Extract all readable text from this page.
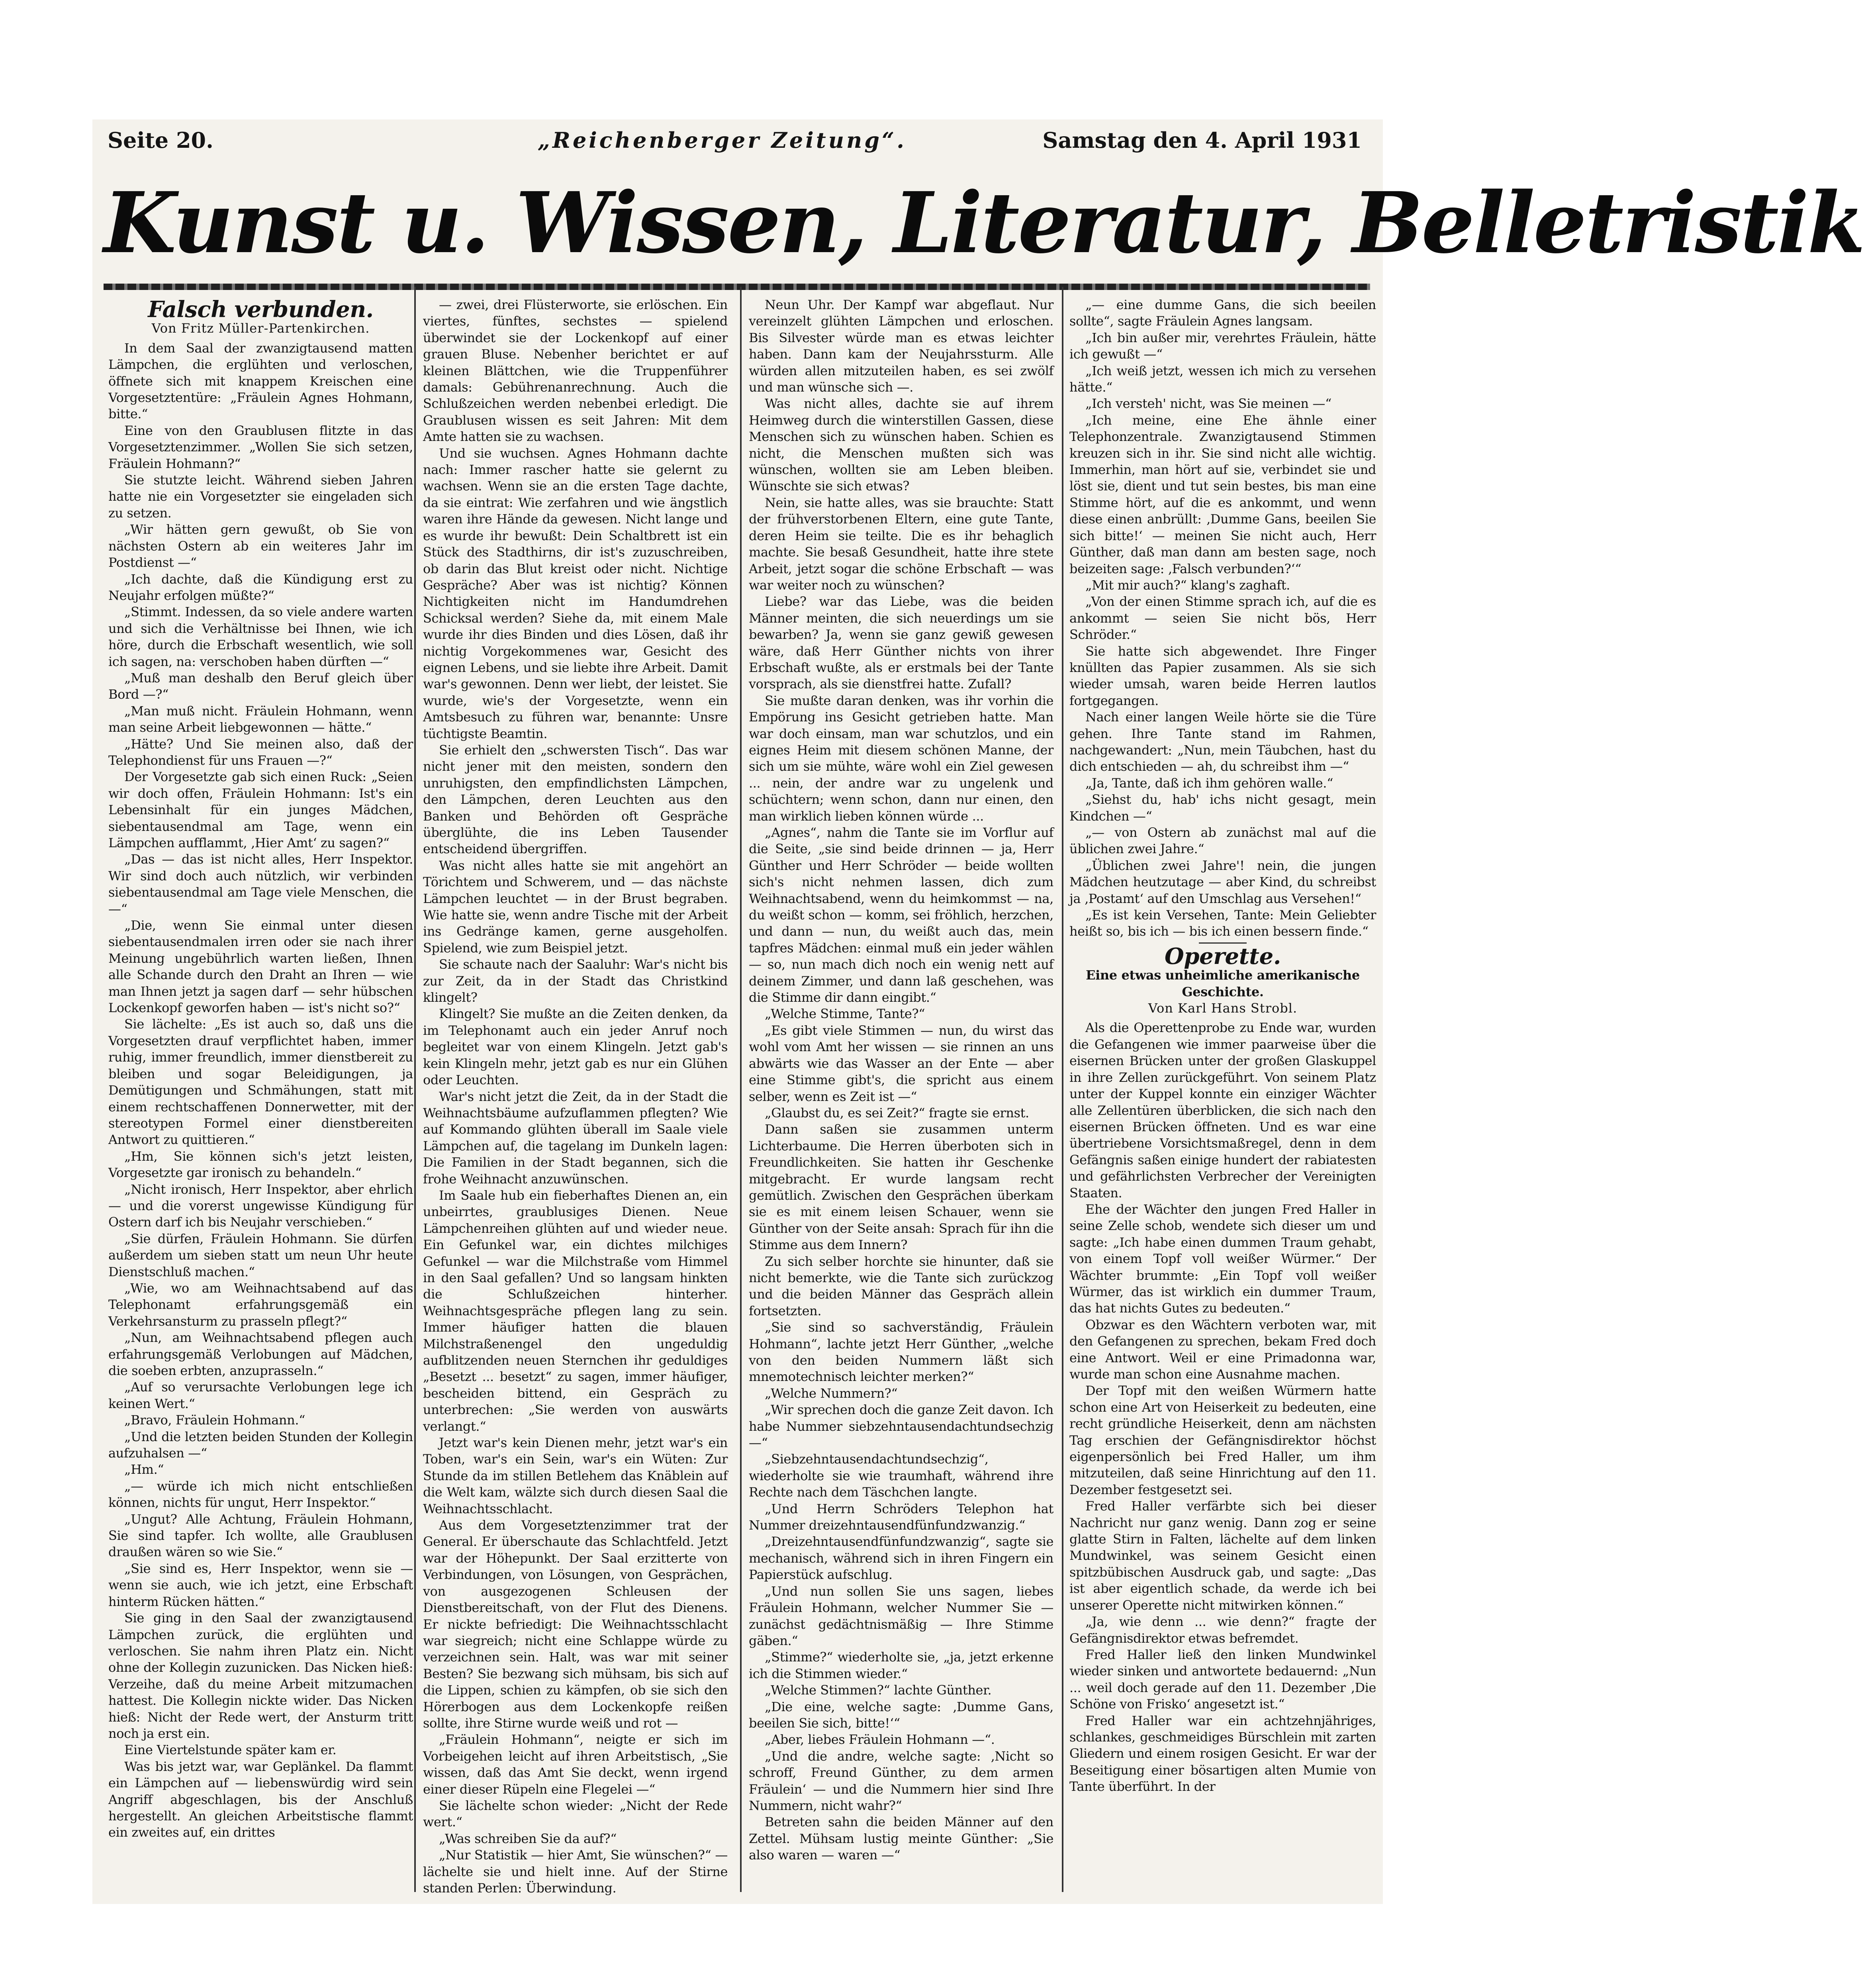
Seite 20.	„Reichenberger Zeitung“.	Samstag den 4. April 1931
Kunst u. Wissen, Literatur, Belletristik
Falsch verbunden.
Von Fritz Müller-Partenkirchen.

In dem Saal der zwanzigtausend matten Lämpchen, die erglühten und verloschen, öffnete sich mit knappem Kreischen eine Vorgesetztentüre: „Fräulein Agnes Hohmann, bitte.“

Eine von den Graublusen flitzte in das Vorgesetztenzimmer. „Wollen Sie sich setzen, Fräulein Hohmann?“

Sie stutzte leicht. Während sieben Jahren hatte nie ein Vorgesetzter sie eingeladen sich zu setzen.

„Wir hätten gern gewußt, ob Sie von nächsten Ostern ab ein weiteres Jahr im Postdienst —“

„Ich dachte, daß die Kündigung erst zu Neujahr erfolgen müßte?“

„Stimmt. Indessen, da so viele andere warten und sich die Verhältnisse bei Ihnen, wie ich höre, durch die Erbschaft wesentlich, wie soll ich sagen, na: verschoben haben dürften —“

„Muß man deshalb den Beruf gleich über Bord —?“

„Man muß nicht. Fräulein Hohmann, wenn man seine Arbeit liebgewonnen — hätte.“

„Hätte? Und Sie meinen also, daß der Telephondienst für uns Frauen —?“

Der Vorgesetzte gab sich einen Ruck: „Seien wir doch offen, Fräulein Hohmann: Ist's ein Lebensinhalt für ein junges Mädchen, siebentausendmal am Tage, wenn ein Lämpchen aufflammt, ‚Hier Amt‘ zu sagen?“

„Das — das ist nicht alles, Herr Inspektor. Wir sind doch auch nützlich, wir verbinden siebentausendmal am Tage viele Menschen, die —“

„Die, wenn Sie einmal unter diesen siebentausendmalen irren oder sie nach ihrer Meinung ungebührlich warten ließen, Ihnen alle Schande durch den Draht an Ihren — wie man Ihnen jetzt ja sagen darf — sehr hübschen Lockenkopf geworfen haben — ist's nicht so?“

Sie lächelte: „Es ist auch so, daß uns die Vorgesetzten drauf verpflichtet haben, immer ruhig, immer freundlich, immer dienstbereit zu bleiben und sogar Beleidigungen, ja Demütigungen und Schmähungen, statt mit einem rechtschaffenen Donnerwetter, mit der stereotypen Formel einer dienstbereiten Antwort zu quittieren.“

„Hm, Sie können sich's jetzt leisten, Vorgesetzte gar ironisch zu behandeln.“

„Nicht ironisch, Herr Inspektor, aber ehrlich — und die vorerst ungewisse Kündigung für Ostern darf ich bis Neujahr verschieben.“

„Sie dürfen, Fräulein Hohmann. Sie dürfen außerdem um sieben statt um neun Uhr heute Dienstschluß machen.“

„Wie, wo am Weihnachtsabend auf das Telephonamt erfahrungsgemäß ein Verkehrsansturm zu prasseln pflegt?“

„Nun, am Weihnachtsabend pflegen auch erfahrungsgemäß Verlobungen auf Mädchen, die soeben erbten, anzuprasseln.“

„Auf so verursachte Verlobungen lege ich keinen Wert.“

„Bravo, Fräulein Hohmann.“

„Und die letzten beiden Stunden der Kollegin aufzuhalsen —“

„Hm.“

„— würde ich mich nicht entschließen können, nichts für ungut, Herr Inspektor.“

„Ungut? Alle Achtung, Fräulein Hohmann, Sie sind tapfer. Ich wollte, alle Graublusen draußen wären so wie Sie.“

„Sie sind es, Herr Inspektor, wenn sie — wenn sie auch, wie ich jetzt, eine Erbschaft hinterm Rücken hätten.“

Sie ging in den Saal der zwanzigtausend Lämpchen zurück, die erglühten und verloschen. Sie nahm ihren Platz ein. Nicht ohne der Kollegin zuzunicken. Das Nicken hieß: Verzeihe, daß du meine Arbeit mitzumachen hattest. Die Kollegin nickte wider. Das Nicken hieß: Nicht der Rede wert, der Ansturm tritt noch ja erst ein.

Eine Viertelstunde später kam er.

Was bis jetzt war, war Geplänkel. Da flammt ein Lämpchen auf — liebenswürdig wird sein Angriff abgeschlagen, bis der Anschluß hergestellt. An gleichen Arbeitstische flammt ein zweites auf, ein drittes

— zwei, drei Flüsterworte, sie erlöschen. Ein viertes, fünftes, sechstes — spielend überwindet sie der Lockenkopf auf einer grauen Bluse. Nebenher berichtet er auf kleinen Blättchen, wie die Truppenführer damals: Gebührenanrechnung. Auch die Schlußzeichen werden nebenbei erledigt. Die Graublusen wissen es seit Jahren: Mit dem Amte hatten sie zu wachsen.

Und sie wuchsen. Agnes Hohmann dachte nach: Immer rascher hatte sie gelernt zu wachsen. Wenn sie an die ersten Tage dachte, da sie eintrat: Wie zerfahren und wie ängstlich waren ihre Hände da gewesen. Nicht lange und es wurde ihr bewußt: Dein Schaltbrett ist ein Stück des Stadthirns, dir ist's zuzuschreiben, ob darin das Blut kreist oder nicht. Nichtige Gespräche? Aber was ist nichtig? Können Nichtigkeiten nicht im Handumdrehen Schicksal werden? Siehe da, mit einem Male wurde ihr dies Binden und dies Lösen, daß ihr nichtig Vorgekommenes war, Gesicht des eignen Lebens, und sie liebte ihre Arbeit. Damit war's gewonnen. Denn wer liebt, der leistet. Sie wurde, wie's der Vorgesetzte, wenn ein Amtsbesuch zu führen war, benannte: Unsre tüchtigste Beamtin.

Sie erhielt den „schwersten Tisch“. Das war nicht jener mit den meisten, sondern den unruhigsten, den empfindlichsten Lämpchen, den Lämpchen, deren Leuchten aus den Banken und Behörden oft Gespräche überglühte, die ins Leben Tausender entscheidend übergriffen.

Was nicht alles hatte sie mit angehört an Törichtem und Schwerem, und — das nächste Lämpchen leuchtet — in der Brust begraben. Wie hatte sie, wenn andre Tische mit der Arbeit ins Gedränge kamen, gerne ausgeholfen. Spielend, wie zum Beispiel jetzt.

Sie schaute nach der Saaluhr: War's nicht bis zur Zeit, da in der Stadt das Christkind klingelt?

Klingelt? Sie mußte an die Zeiten denken, da im Telephonamt auch ein jeder Anruf noch begleitet war von einem Klingeln. Jetzt gab's kein Klingeln mehr, jetzt gab es nur ein Glühen oder Leuchten.

War's nicht jetzt die Zeit, da in der Stadt die Weihnachtsbäume aufzuflammen pflegten? Wie auf Kommando glühten überall im Saale viele Lämpchen auf, die tagelang im Dunkeln lagen: Die Familien in der Stadt begannen, sich die frohe Weihnacht anzuwünschen.

Im Saale hub ein fieberhaftes Dienen an, ein unbeirrtes, graublusiges Dienen. Neue Lämpchenreihen glühten auf und wieder neue. Ein Gefunkel war, ein dichtes milchiges Gefunkel — war die Milchstraße vom Himmel in den Saal gefallen? Und so langsam hinkten die Schlußzeichen hinterher. Weihnachtsgespräche pflegen lang zu sein. Immer häufiger hatten die blauen Milchstraßenengel den ungeduldig aufblitzenden neuen Sternchen ihr geduldiges „Besetzt ... besetzt“ zu sagen, immer häufiger, bescheiden bittend, ein Gespräch zu unterbrechen: „Sie werden von auswärts verlangt.“

Jetzt war's kein Dienen mehr, jetzt war's ein Toben, war's ein Sein, war's ein Wüten: Zur Stunde da im stillen Betlehem das Knäblein auf die Welt kam, wälzte sich durch diesen Saal die Weihnachtsschlacht.

Aus dem Vorgesetztenzimmer trat der General. Er überschaute das Schlachtfeld. Jetzt war der Höhepunkt. Der Saal erzitterte von Verbindungen, von Lösungen, von Gesprächen, von ausgezogenen Schleusen der Dienstbereitschaft, von der Flut des Dienens. Er nickte befriedigt: Die Weihnachtsschlacht war siegreich; nicht eine Schlappe würde zu verzeichnen sein. Halt, was war mit seiner Besten? Sie bezwang sich mühsam, bis sich auf die Lippen, schien zu kämpfen, ob sie sich den Hörerbogen aus dem Lockenkopfe reißen sollte, ihre Stirne wurde weiß und rot —

„Fräulein Hohmann“, neigte er sich im Vorbeigehen leicht auf ihren Arbeitstisch, „Sie wissen, daß das Amt Sie deckt, wenn irgend einer dieser Rüpeln eine Flegelei —“

Sie lächelte schon wieder: „Nicht der Rede wert.“

„Was schreiben Sie da auf?“

„Nur Statistik — hier Amt, Sie wünschen?“ — lächelte sie und hielt inne. Auf der Stirne standen Perlen: Überwindung.

Neun Uhr. Der Kampf war abgeflaut. Nur vereinzelt glühten Lämpchen und erloschen. Bis Silvester würde man es etwas leichter haben. Dann kam der Neujahrssturm. Alle würden allen mitzuteilen haben, es sei zwölf und man wünsche sich —.

Was nicht alles, dachte sie auf ihrem Heimweg durch die winterstillen Gassen, diese Menschen sich zu wünschen haben. Schien es nicht, die Menschen mußten sich was wünschen, wollten sie am Leben bleiben. Wünschte sie sich etwas?

Nein, sie hatte alles, was sie brauchte: Statt der frühverstorbenen Eltern, eine gute Tante, deren Heim sie teilte. Die es ihr behaglich machte. Sie besaß Gesundheit, hatte ihre stete Arbeit, jetzt sogar die schöne Erbschaft — was war weiter noch zu wünschen?

Liebe? war das Liebe, was die beiden Männer meinten, die sich neuerdings um sie bewarben? Ja, wenn sie ganz gewiß gewesen wäre, daß Herr Günther nichts von ihrer Erbschaft wußte, als er erstmals bei der Tante vorsprach, als sie dienstfrei hatte. Zufall?

Sie mußte daran denken, was ihr vorhin die Empörung ins Gesicht getrieben hatte. Man war doch einsam, man war schutzlos, und ein eignes Heim mit diesem schönen Manne, der sich um sie mühte, wäre wohl ein Ziel gewesen ... nein, der andre war zu ungelenk und schüchtern; wenn schon, dann nur einen, den man wirklich lieben können würde ...

„Agnes“, nahm die Tante sie im Vorflur auf die Seite, „sie sind beide drinnen — ja, Herr Günther und Herr Schröder — beide wollten sich's nicht nehmen lassen, dich zum Weihnachtsabend, wenn du heimkommst — na, du weißt schon — komm, sei fröhlich, herzchen, und dann — nun, du weißt auch das, mein tapfres Mädchen: einmal muß ein jeder wählen — so, nun mach dich noch ein wenig nett auf deinem Zimmer, und dann laß geschehen, was die Stimme dir dann eingibt.“

„Welche Stimme, Tante?“

„Es gibt viele Stimmen — nun, du wirst das wohl vom Amt her wissen — sie rinnen an uns abwärts wie das Wasser an der Ente — aber eine Stimme gibt's, die spricht aus einem selber, wenn es Zeit ist —“

„Glaubst du, es sei Zeit?“ fragte sie ernst.

Dann saßen sie zusammen unterm Lichterbaume. Die Herren überboten sich in Freundlichkeiten. Sie hatten ihr Geschenke mitgebracht. Er wurde langsam recht gemütlich. Zwischen den Gesprächen überkam sie es mit einem leisen Schauer, wenn sie Günther von der Seite ansah: Sprach für ihn die Stimme aus dem Innern?

Zu sich selber horchte sie hinunter, daß sie nicht bemerkte, wie die Tante sich zurückzog und die beiden Männer das Gespräch allein fortsetzten.

„Sie sind so sachverständig, Fräulein Hohmann“, lachte jetzt Herr Günther, „welche von den beiden Nummern läßt sich mnemotechnisch leichter merken?“

„Welche Nummern?“

„Wir sprechen doch die ganze Zeit davon. Ich habe Nummer siebzehntausendachtundsechzig —“

„Siebzehntausendachtundsechzig“, wiederholte sie wie traumhaft, während ihre Rechte nach dem Täschchen langte.

„Und Herrn Schröders Telephon hat Nummer dreizehntausendfünfundzwanzig.“

„Dreizehntausendfünfundzwanzig“, sagte sie mechanisch, während sich in ihren Fingern ein Papierstück aufschlug.

„Und nun sollen Sie uns sagen, liebes Fräulein Hohmann, welcher Nummer Sie — zunächst gedächtnismäßig — Ihre Stimme gäben.“

„Stimme?“ wiederholte sie, „ja, jetzt erkenne ich die Stimmen wieder.“

„Welche Stimmen?“ lachte Günther.

„Die eine, welche sagte: ‚Dumme Gans, beeilen Sie sich, bitte!‘“

„Aber, liebes Fräulein Hohmann —“.

„Und die andre, welche sagte: ‚Nicht so schroff, Freund Günther, zu dem armen Fräulein‘ — und die Nummern hier sind Ihre Nummern, nicht wahr?“

Betreten sahn die beiden Männer auf den Zettel. Mühsam lustig meinte Günther: „Sie also waren — waren —“

„— eine dumme Gans, die sich beeilen sollte“, sagte Fräulein Agnes langsam.

„Ich bin außer mir, verehrtes Fräulein, hätte ich gewußt —“

„Ich weiß jetzt, wessen ich mich zu versehen hätte.“

„Ich versteh' nicht, was Sie meinen —“

„Ich meine, eine Ehe ähnle einer Telephonzentrale. Zwanzigtausend Stimmen kreuzen sich in ihr. Sie sind nicht alle wichtig. Immerhin, man hört auf sie, verbindet sie und löst sie, dient und tut sein bestes, bis man eine Stimme hört, auf die es ankommt, und wenn diese einen anbrüllt: ‚Dumme Gans, beeilen Sie sich bitte!‘ — meinen Sie nicht auch, Herr Günther, daß man dann am besten sage, noch beizeiten sage: ‚Falsch verbunden?‘“

„Mit mir auch?“ klang's zaghaft.

„Von der einen Stimme sprach ich, auf die es ankommt — seien Sie nicht bös, Herr Schröder.“

Sie hatte sich abgewendet. Ihre Finger knüllten das Papier zusammen. Als sie sich wieder umsah, waren beide Herren lautlos fortgegangen.

Nach einer langen Weile hörte sie die Türe gehen. Ihre Tante stand im Rahmen, nachgewandert: „Nun, mein Täubchen, hast du dich entschieden — ah, du schreibst ihm —“

„Ja, Tante, daß ich ihm gehören walle.“

„Siehst du, hab' ichs nicht gesagt, mein Kindchen —“

„— von Ostern ab zunächst mal auf die üblichen zwei Jahre.“

„Üblichen zwei Jahre'! nein, die jungen Mädchen heutzutage — aber Kind, du schreibst ja ‚Postamt‘ auf den Umschlag aus Versehen!“

„Es ist kein Versehen, Tante: Mein Geliebter heißt so, bis ich — bis ich einen bessern finde.“

Operette.
Eine etwas unheimliche amerikanische Geschichte.
Von Karl Hans Strobl.

Als die Operettenprobe zu Ende war, wurden die Gefangenen wie immer paarweise über die eisernen Brücken unter der großen Glaskuppel in ihre Zellen zurückgeführt. Von seinem Platz unter der Kuppel konnte ein einziger Wächter alle Zellentüren überblicken, die sich nach den eisernen Brücken öffneten. Und es war eine übertriebene Vorsichtsmaßregel, denn in dem Gefängnis saßen einige hundert der rabiatesten und gefährlichsten Verbrecher der Vereinigten Staaten.

Ehe der Wächter den jungen Fred Haller in seine Zelle schob, wendete sich dieser um und sagte: „Ich habe einen dummen Traum gehabt, von einem Topf voll weißer Würmer.“ Der Wächter brummte: „Ein Topf voll weißer Würmer, das ist wirklich ein dummer Traum, das hat nichts Gutes zu bedeuten.“

Obzwar es den Wächtern verboten war, mit den Gefangenen zu sprechen, bekam Fred doch eine Antwort. Weil er eine Primadonna war, wurde man schon eine Ausnahme machen.

Der Topf mit den weißen Würmern hatte schon eine Art von Heiserkeit zu bedeuten, eine recht gründliche Heiserkeit, denn am nächsten Tag erschien der Gefängnisdirektor höchst eigenpersönlich bei Fred Haller, um ihm mitzuteilen, daß seine Hinrichtung auf den 11. Dezember festgesetzt sei.

Fred Haller verfärbte sich bei dieser Nachricht nur ganz wenig. Dann zog er seine glatte Stirn in Falten, lächelte auf dem linken Mundwinkel, was seinem Gesicht einen spitzbübischen Ausdruck gab, und sagte: „Das ist aber eigentlich schade, da werde ich bei unserer Operette nicht mitwirken können.“

„Ja, wie denn ... wie denn?“ fragte der Gefängnisdirektor etwas befremdet.

Fred Haller ließ den linken Mundwinkel wieder sinken und antwortete bedauernd: „Nun ... weil doch gerade auf den 11. Dezember ‚Die Schöne von Frisko‘ angesetzt ist.“

Fred Haller war ein achtzehnjähriges, schlankes, geschmeidiges Bürschlein mit zarten Gliedern und einem rosigen Gesicht. Er war der Beseitigung einer bösartigen alten Mumie von Tante überführt. In der
